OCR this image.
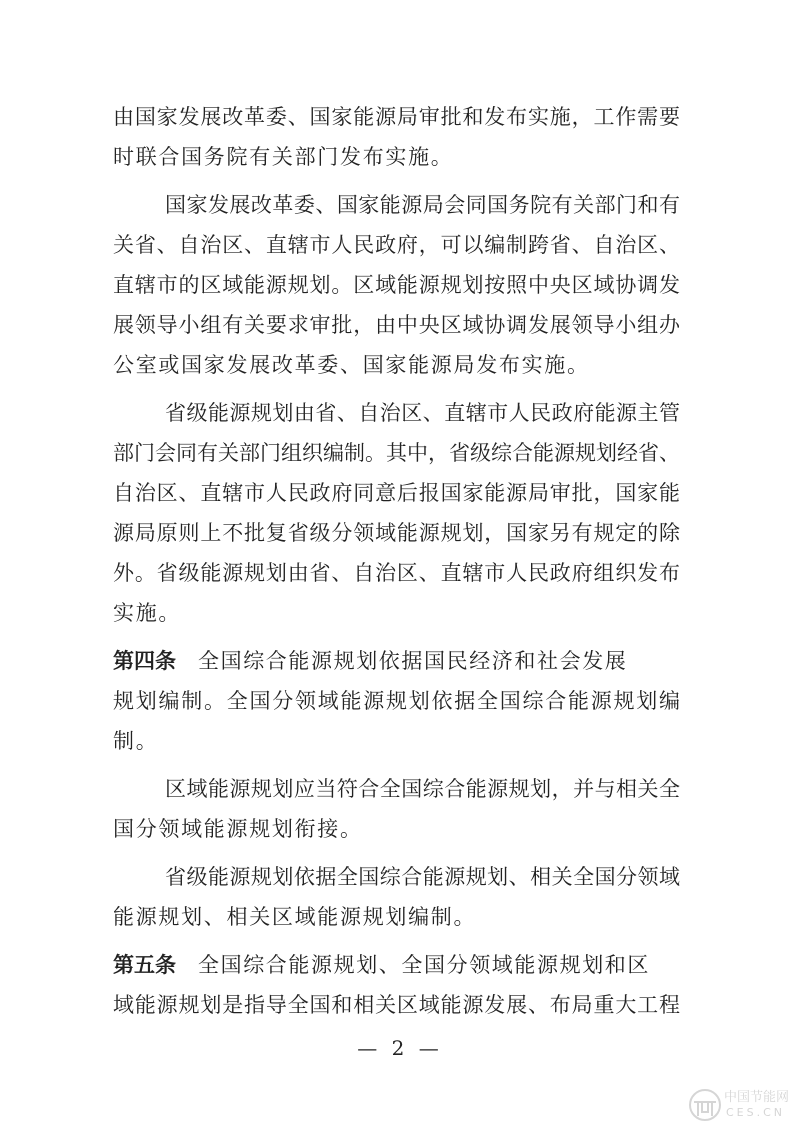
由国家发展改革委、国家能源局审批和发布实施，工作需要
时联合国务院有关部门发布实施。
国家发展改革委、国家能源局会同国务院有关部门和有
关省、自治区、直辖市人民政府，可以编制跨省、自治区、
直辖市的区域能源规划。区域能源规划按照中央区域协调发
展领导小组有关要求审批，由中央区域协调发展领导小组办
公室或国家发展改革委、国家能源局发布实施。
省级能源规划由省、自治区、直辖市人民政府能源主管
部门会同有关部门组织编制。其中，省级综合能源规划经省、
自治区、直辖市人民政府同意后报国家能源局审批，国家能
源局原则上不批复省级分领域能源规划，国家另有规定的除
外。省级能源规划由省、自治区、直辖市人民政府组织发布
实施。
第四条 全国综合能源规划依据国民经济和社会发展
规划编制。全国分领域能源规划依据全国综合能源规划编
制。
区域能源规划应当符合全国综合能源规划，并与相关全
国分领域能源规划衔接。
省级能源规划依据全国综合能源规划、相关全国分领域
能源规划、相关区域能源规划编制。
第五条 全国综合能源规划、全国分领域能源规划和区
域能源规划是指导全国和相关区域能源发展、布局重大工程
— 2 —
中国节能网
CES.CN
